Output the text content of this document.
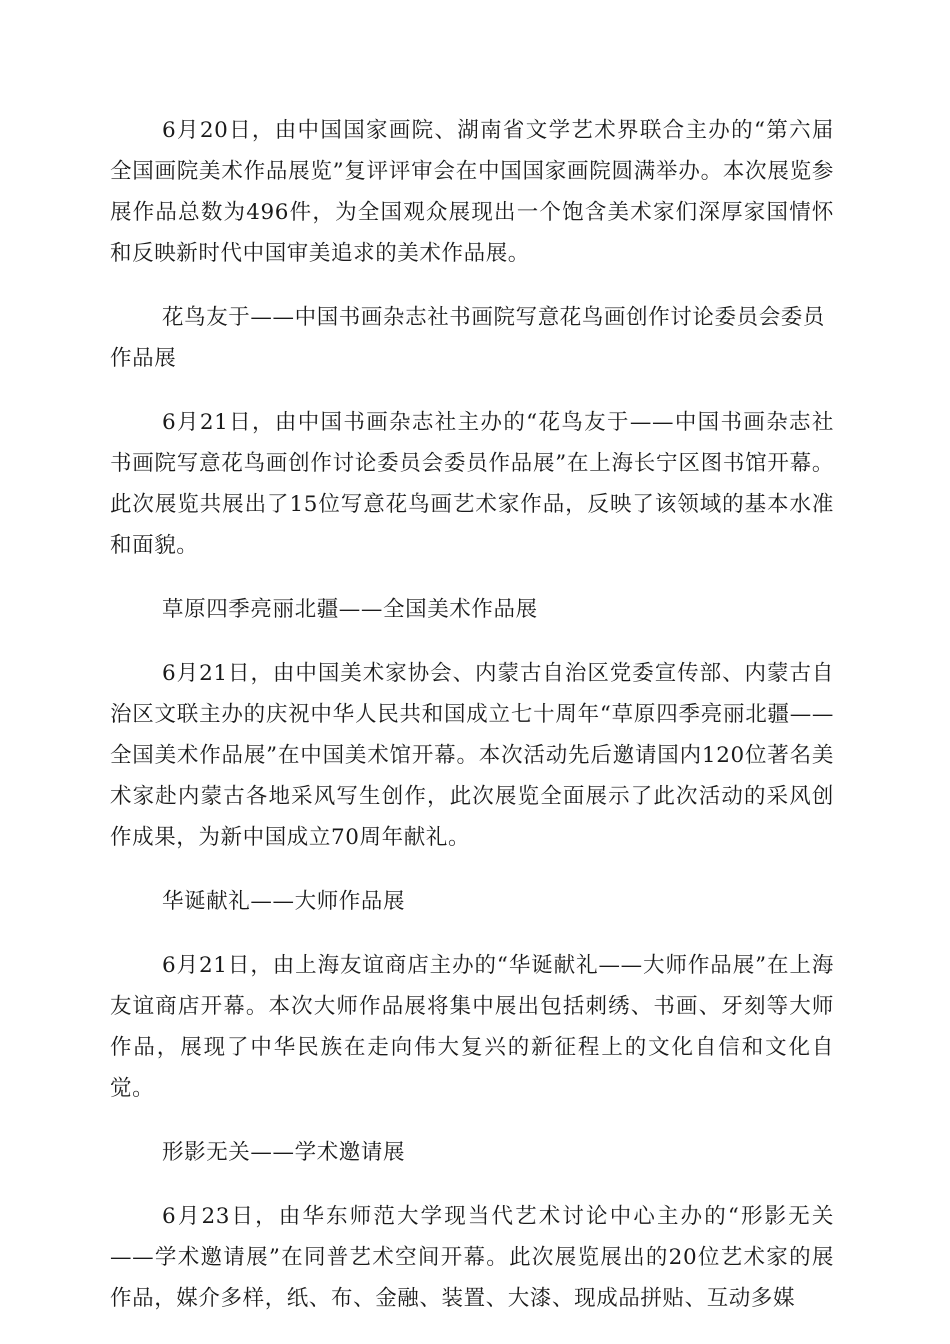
6月20日，由中国国家画院、湖南省文学艺术界联合主办的“第六届全国画院美术作品展览”复评评审会在中国国家画院圆满举办。本次展览参展作品总数为496件，为全国观众展现出一个饱含美术家们深厚家国情怀和反映新时代中国审美追求的美术作品展。

花鸟友于——中国书画杂志社书画院写意花鸟画创作讨论委员会委员作品展

6月21日，由中国书画杂志社主办的“花鸟友于——中国书画杂志社书画院写意花鸟画创作讨论委员会委员作品展”在上海长宁区图书馆开幕。此次展览共展出了15位写意花鸟画艺术家作品，反映了该领域的基本水准和面貌。

草原四季亮丽北疆——全国美术作品展

6月21日，由中国美术家协会、内蒙古自治区党委宣传部、内蒙古自治区文联主办的庆祝中华人民共和国成立七十周年“草原四季亮丽北疆——全国美术作品展”在中国美术馆开幕。本次活动先后邀请国内120位著名美术家赴内蒙古各地采风写生创作，此次展览全面展示了此次活动的采风创作成果，为新中国成立70周年献礼。

华诞献礼——大师作品展

6月21日，由上海友谊商店主办的“华诞献礼——大师作品展”在上海友谊商店开幕。本次大师作品展将集中展出包括刺绣、书画、牙刻等大师作品，展现了中华民族在走向伟大复兴的新征程上的文化自信和文化自觉。

形影无关——学术邀请展

6月23日，由华东师范大学现当代艺术讨论中心主办的“形影无关——学术邀请展”在同普艺术空间开幕。此次展览展出的20位艺术家的展作品，媒介多样，纸、布、金融、装置、大漆、现成品拼贴、互动多媒
